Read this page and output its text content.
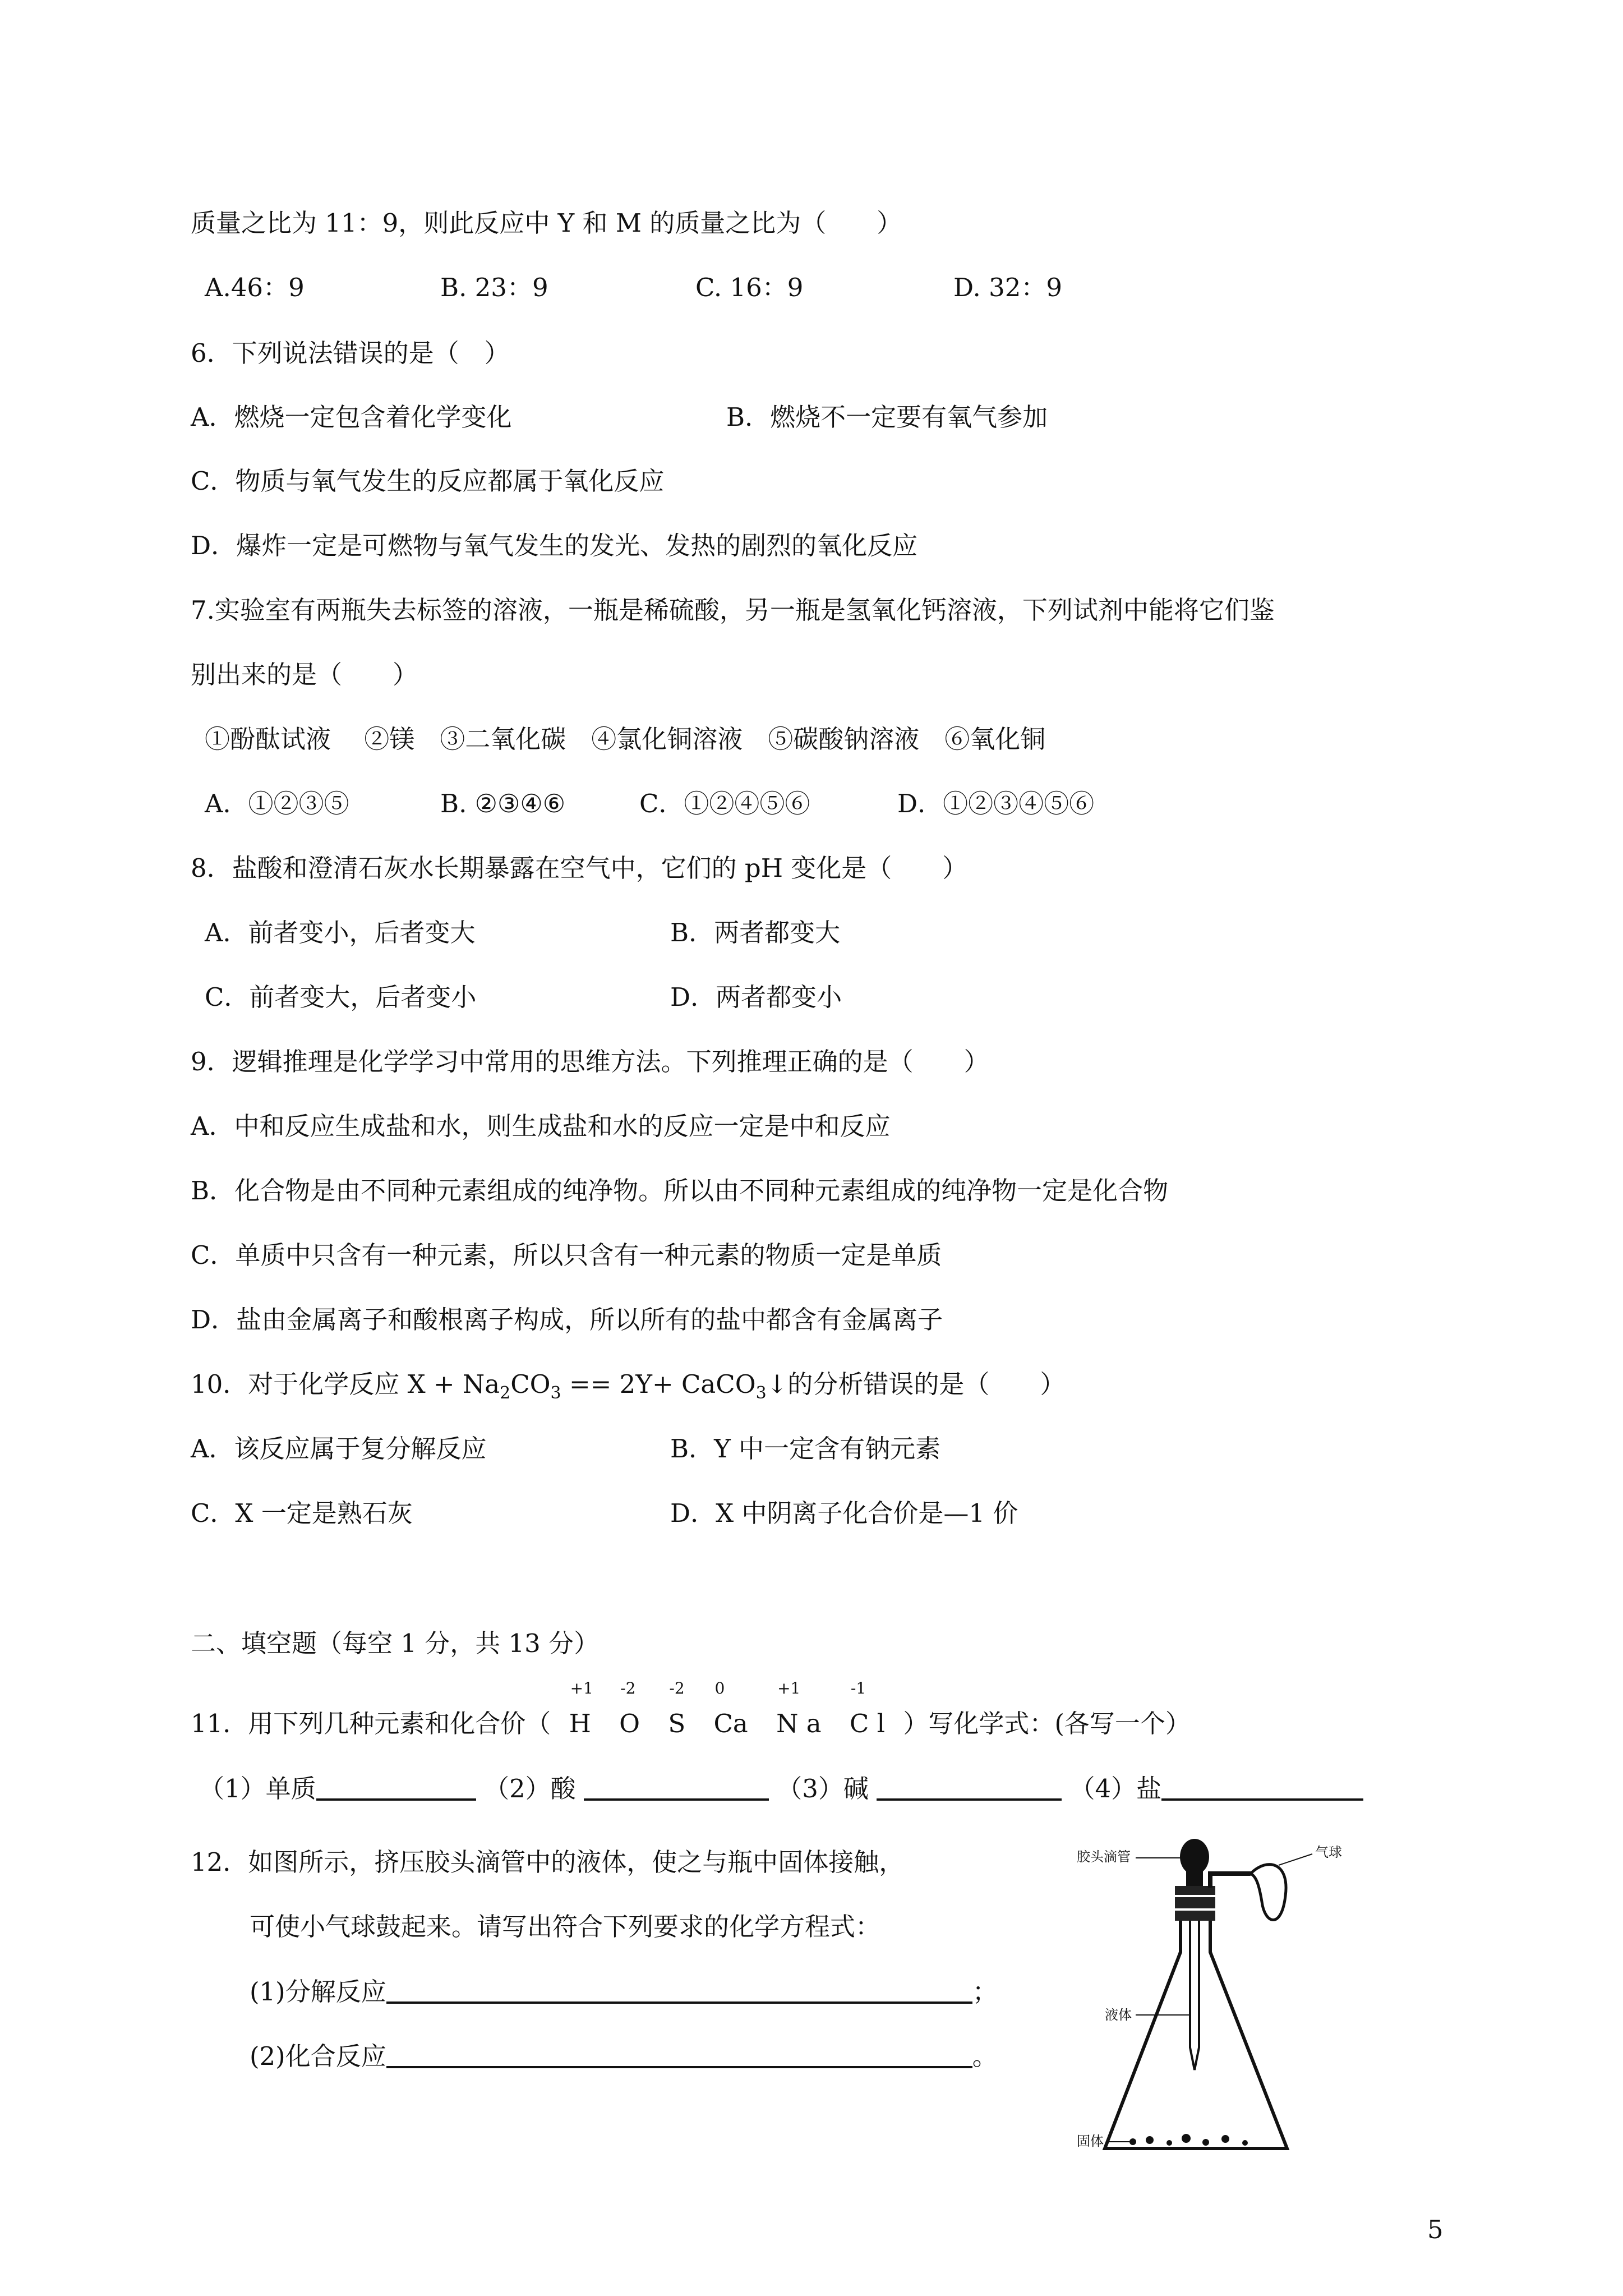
质量之比为 11：9，则此反应中 Y 和 M 的质量之比为（　　）
A.46：9	B. 23：9	C. 16：9	D. 32：9
6．下列说法错误的是（　）
A．燃烧一定包含着化学变化	B．燃烧不一定要有氧气参加
C．物质与氧气发生的反应都属于氧化反应
D．爆炸一定是可燃物与氧气发生的发光、发热的剧烈的氧化反应
7.实验室有两瓶失去标签的溶液，一瓶是稀硫酸，另一瓶是氢氧化钙溶液，下列试剂中能将它们鉴
别出来的是（　　）
①酚酞试液　 ②镁　③二氧化碳　④氯化铜溶液　⑤碳酸钠溶液　⑥氧化铜
A．①②③⑤	B. ②③④⑥	C．①②④⑤⑥	D．①②③④⑤⑥
8．盐酸和澄清石灰水长期暴露在空气中，它们的 pH 变化是（　　）
A．前者变小，后者变大	B．两者都变大
C．前者变大，后者变小	D．两者都变小
9．逻辑推理是化学学习中常用的思维方法。下列推理正确的是（　　）
A．中和反应生成盐和水，则生成盐和水的反应一定是中和反应
B．化合物是由不同种元素组成的纯净物。所以由不同种元素组成的纯净物一定是化合物
C．单质中只含有一种元素，所以只含有一种元素的物质一定是单质
D．盐由金属离子和酸根离子构成，所以所有的盐中都含有金属离子
10．对于化学反应 $X + Na_2CO_3 == 2Y+$ CaCO$_3$↓的分析错误的是（　　）
A．该反应属于复分解反应	B．Y 中一定含有钠元素
C．X 一定是熟石灰	D．X 中阴离子化合价是—1 价
二、填空题（每空 1 分，共 13 分）
11．用下列几种元素和化合价（
+1
H
-2
O
-2
S
0
Ca
+1
N a
-1
C l ）写化学式：(各写一个）
（1）单质	（2）酸	（3）碱	（4）盐
12．如图所示，挤压胶头滴管中的液体，使之与瓶中固体接触，
可使小气球鼓起来。请写出符合下列要求的化学方程式：
(1)分解反应	；
(2)化合反应	。
胶头滴管	气球
液体
固体
5
